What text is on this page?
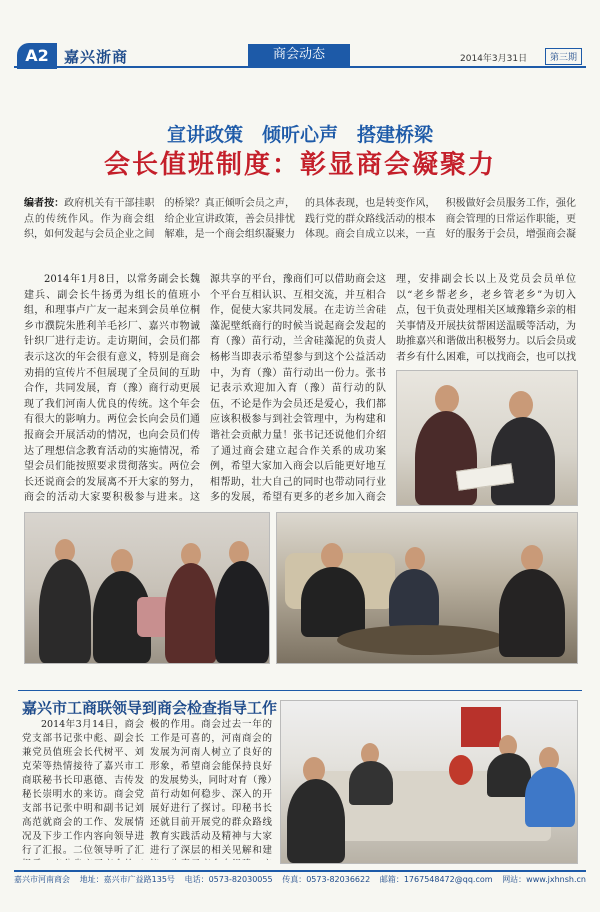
A2	嘉兴浙商	商会动态	2014年3月31日	第三期
宣讲政策　倾听心声　搭建桥梁
会长值班制度：彰显商会凝聚力
编者按：政府机关有干部挂职点的传统作风。作为商会组织，如何发起与会员企业之间的桥梁？真正倾听会员之声，给企业宣讲政策，善会员排忧解难，是一个商会组织凝聚力的具体表现，也是转变作风，践行党的群众路线活动的根本体现。商会自成立以来，一直积极做好会员服务工作，强化商会管理的日常运作职能，更好的服务于会员，增强商会凝

2014年1月8日，以常务副会长魏建兵、副会长牛扬勇为组长的值班小组，和理事卢广友一起来到会员单位桐乡市濮院朱胜利羊毛衫厂、嘉兴市物诚针织厂进行走访。走访期间，会员们都表示这次的年会很有意义，特别是商会劝捐的宣传片不但展现了全员间的互助合作，共同发展，育（豫）商行动更展现了我们河南人优良的传统。这个年会有很大的影响力。两位会长向会员们通报商会开展活动的情况，也向会员们传达了理想信念教育活动的实施情况，希望会员们能按照要求贯彻落实。两位会长还说商会的发展离不开大家的努力，商会的活动大家要积极参与进来。这

源共享的平台，豫商们可以借助商会这个平台互相认识、互相交流，并互相合作，促使大家共同发展。在走访兰舍硅藻泥壁纸商行的时候当说起商会发起的育（豫）苗行动，兰舍硅藻泥的负责人杨彬当即表示希望参与到这个公益活动中，为育（豫）苗行动出一份力。张书记表示欢迎加入育（豫）苗行动的队伍，不论是作为会员还是爱心，我们都应该积极参与到社会管理中，为构建和谐社会贡献力量！张书记还说他们介绍了通过商会建立起合作关系的成功案例，希望大家加入商会以后能更好地互相帮助，壮大自己的同时也带动同行业多的发展，希望有更多的老乡加入商会

理，安排副会长以上及党员会员单位以“老乡帮老乡，老乡管老乡”为切入点，包干负责处理相关区域豫籍乡亲的相关事情及开展扶贫帮困送温暖等活动，为助推嘉兴和谐做出积极努力。以后会员或者乡有什么困难，可以找商会，也可以找

嘉兴市工商联领导到商会检查指导工作

2014年3月14日，商会党支部书记张中彪、副会长兼党员值班会长代树平、刘克荣等热情接待了嘉兴市工商联秘书长印惠德、吉传发秘长崇明水的来访。商会党支部书记张中明和副书记刘高范就商会的工作、发展情况及下步工作内容向领导进行了汇报。二位领导听了汇

极的作用。商会过去一年的工作是可喜的，河南商会的发展为河南人树立了良好的形象，希望商会能保持良好的发展势头，同时对育（豫）苗行动如何稳步、深入的开展好进行了探讨。印秘书长还就目前开展党的群众路线教育实践活动及精神与大家进行了深层的相关见解和建

嘉兴市河南商会 地址：嘉兴市广益路135号 电话：0573-82030055 传真：0573-82036622 邮箱：1767548472@qq.com 网站：www.jxhnsh.cn
